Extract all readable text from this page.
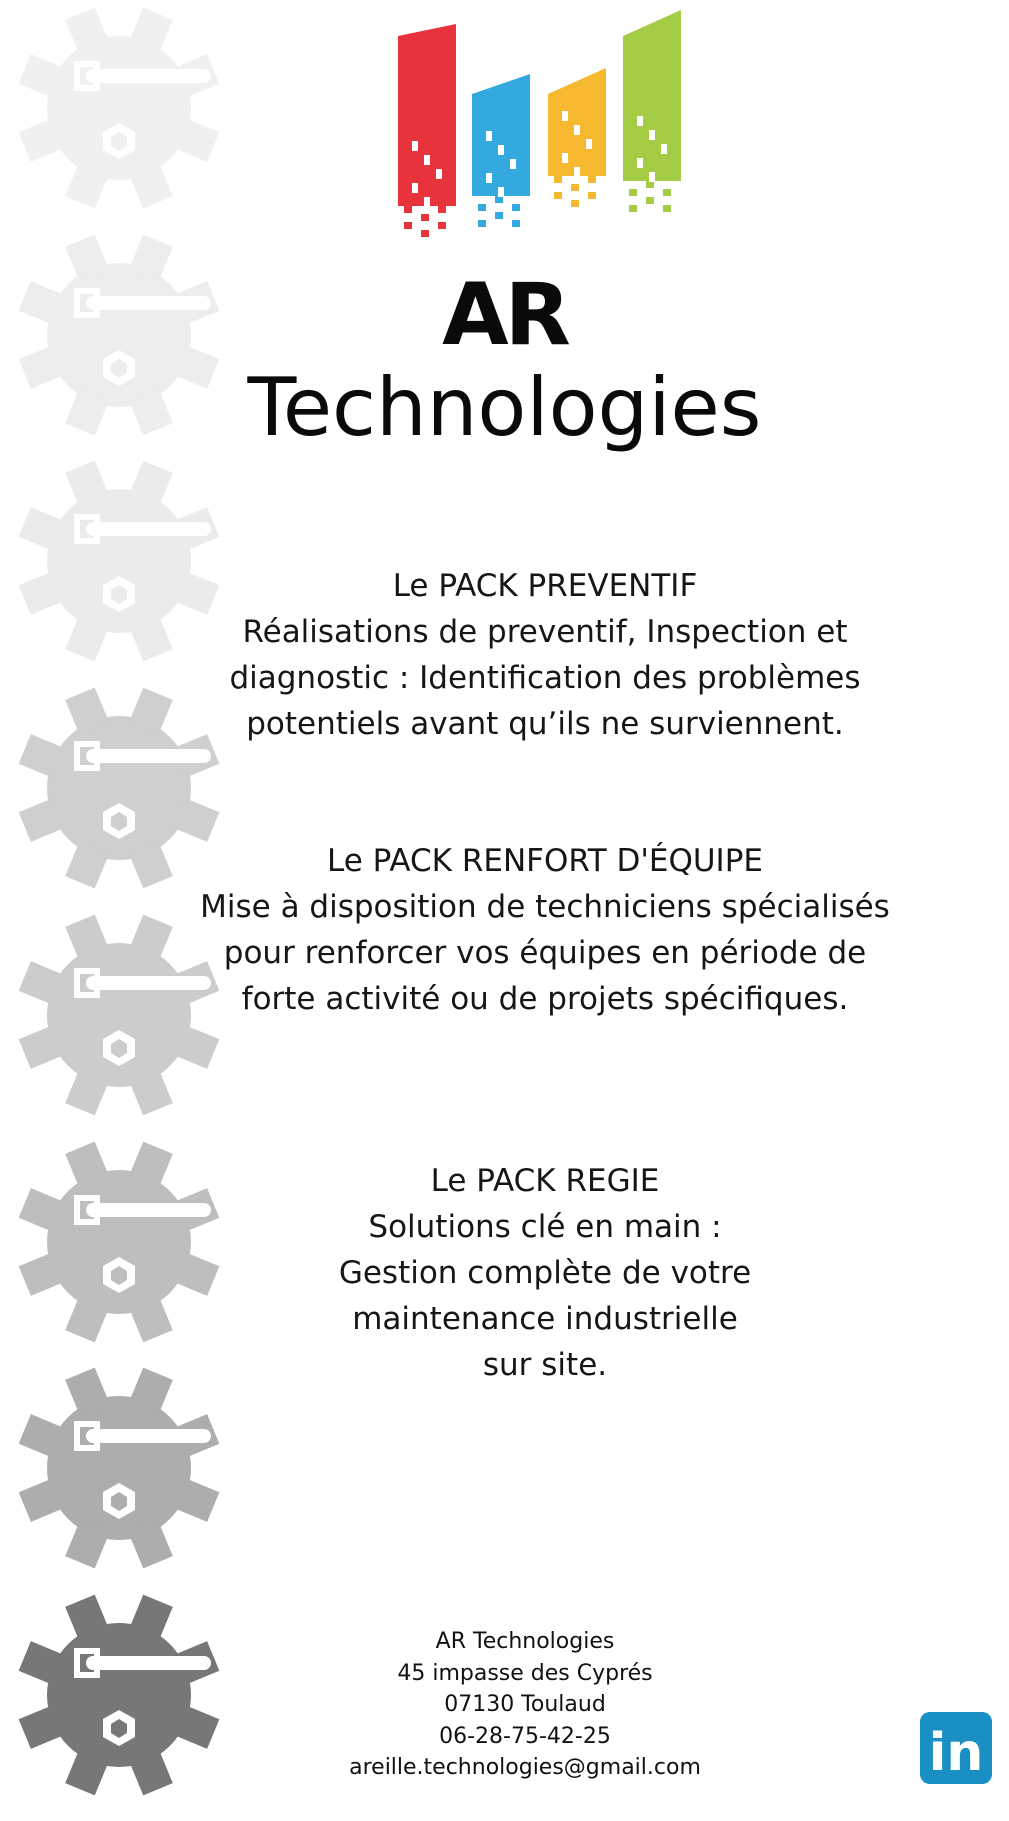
AR
Technologies
Le PACK PREVENTIF
Réalisations de preventif, Inspection et
diagnostic : Identification des problèmes
potentiels avant qu’ils ne surviennent.
Le PACK RENFORT D'ÉQUIPE
Mise à disposition de techniciens spécialisés
pour renforcer vos équipes en période de
forte activité ou de projets spécifiques.
Le PACK REGIE
Solutions clé en main :
Gestion complète de votre
maintenance industrielle
sur site.
AR Technologies
45 impasse des Cyprés
07130 Toulaud
06-28-75-42-25
areille.technologies@gmail.com	in
